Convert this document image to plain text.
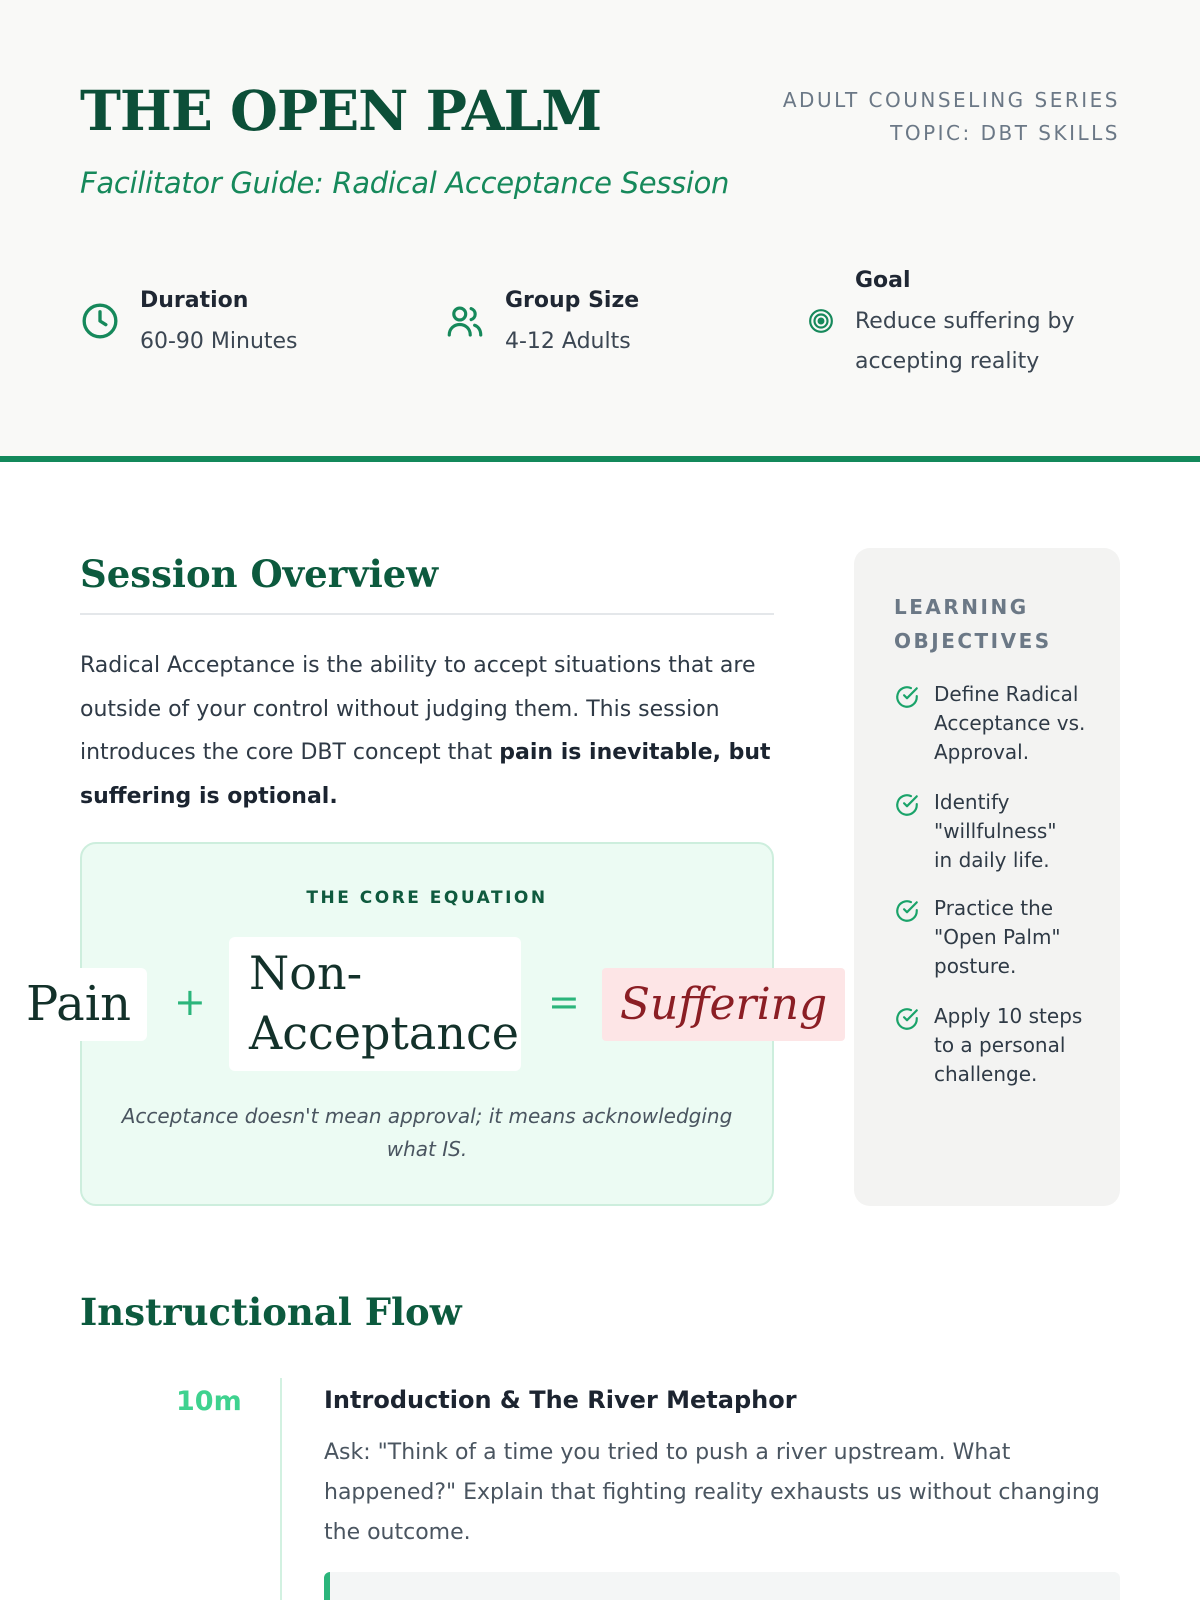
THE OPEN PALM
Facilitator Guide: Radical Acceptance Session
ADULT COUNSELING SERIES
TOPIC: DBT SKILLS
Duration
60-90 Minutes
Group Size
4-12 Adults
Goal
Reduce suffering by
accepting reality
Session Overview

Radical Acceptance is the ability to accept situations that are outside of your control without judging them. This session introduces the core DBT concept that pain is inevitable, but suffering is optional.

THE CORE EQUATION
Pain	+
Non-
Acceptance
= Suffering
Acceptance doesn't mean approval; it means acknowledging what IS.
LEARNING
OBJECTIVES
Define Radical
Acceptance vs.
Approval.
Identify
"willfulness"
in daily life.
Practice the
"Open Palm"
posture.
Apply 10 steps
to a personal
challenge.
Instructional Flow
10m	Introduction & The River Metaphor

Ask: "Think of a time you tried to push a river upstream. What happened?" Explain that fighting reality exhausts us without changing the outcome.
